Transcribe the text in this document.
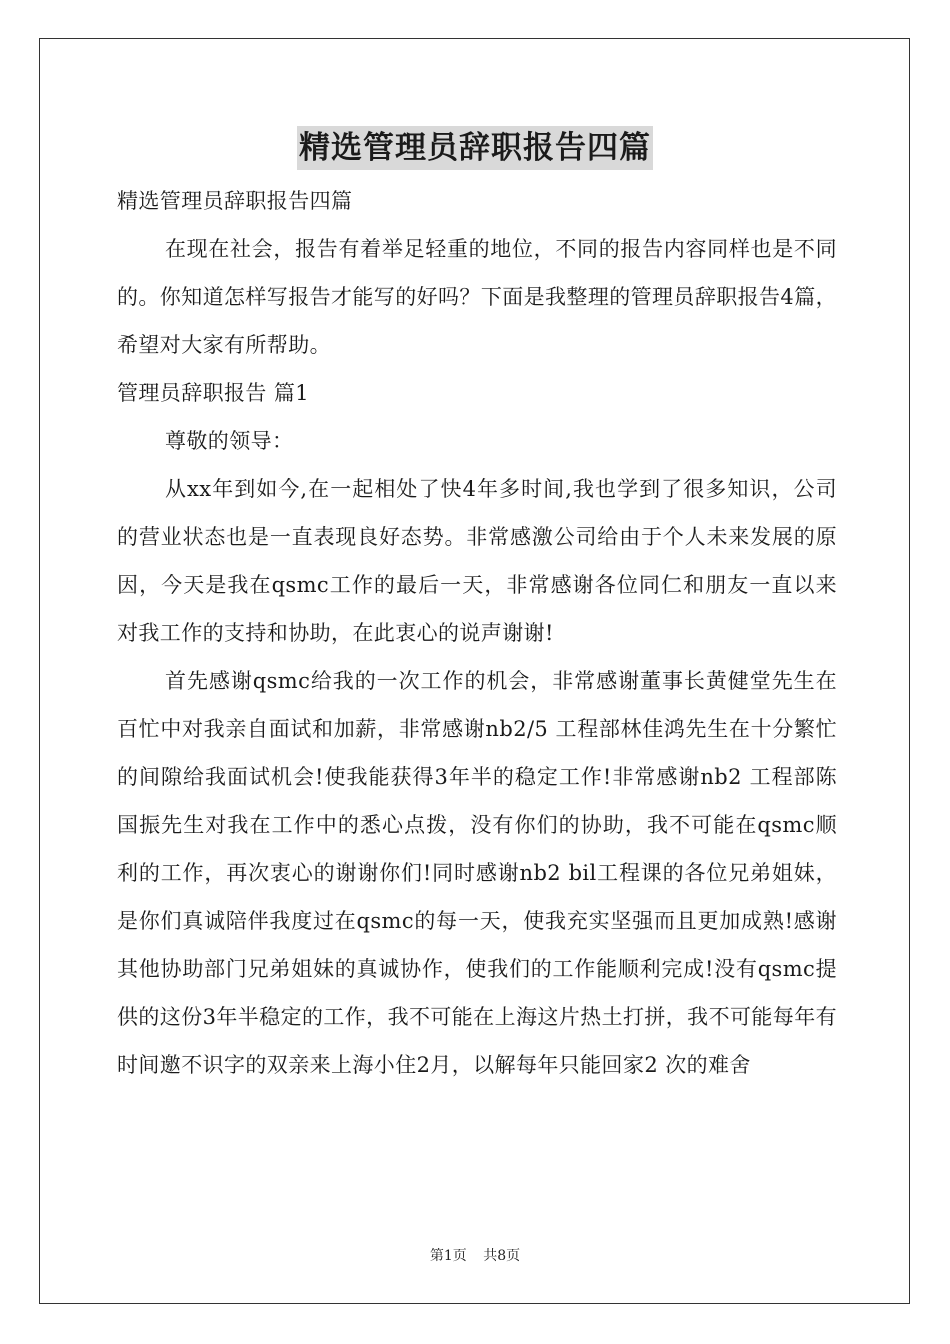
精选管理员辞职报告四篇
精选管理员辞职报告四篇

在现在社会，报告有着举足轻重的地位，不同的报告内容同样也是不同的。你知道怎样写报告才能写的好吗？下面是我整理的管理员辞职报告4篇，希望对大家有所帮助。

管理员辞职报告 篇1

尊敬的领导：

从xx年到如今,在一起相处了快4年多时间,我也学到了很多知识，公司的营业状态也是一直表现良好态势。非常感激公司给由于个人未来发展的原因，今天是我在qsmc工作的最后一天，非常感谢各位同仁和朋友一直以来对我工作的支持和协助，在此衷心的说声谢谢!

首先感谢qsmc给我的一次工作的机会，非常感谢董事长黄健堂先生在百忙中对我亲自面试和加薪，非常感谢nb2/5 工程部林佳鸿先生在十分繁忙的间隙给我面试机会!使我能获得3年半的稳定工作!非常感谢nb2 工程部陈国振先生对我在工作中的悉心点拨，没有你们的协助，我不可能在qsmc顺利的工作，再次衷心的谢谢你们!同时感谢nb2 bil工程课的各位兄弟姐妹，是你们真诚陪伴我度过在qsmc的每一天，使我充实坚强而且更加成熟!感谢其他协助部门兄弟姐妹的真诚协作，使我们的工作能顺利完成!没有qsmc提供的这份3年半稳定的工作，我不可能在上海这片热土打拼，我不可能每年有时间邀不识字的双亲来上海小住2月，以解每年只能回家2 次的难舍

第1页 共8页
